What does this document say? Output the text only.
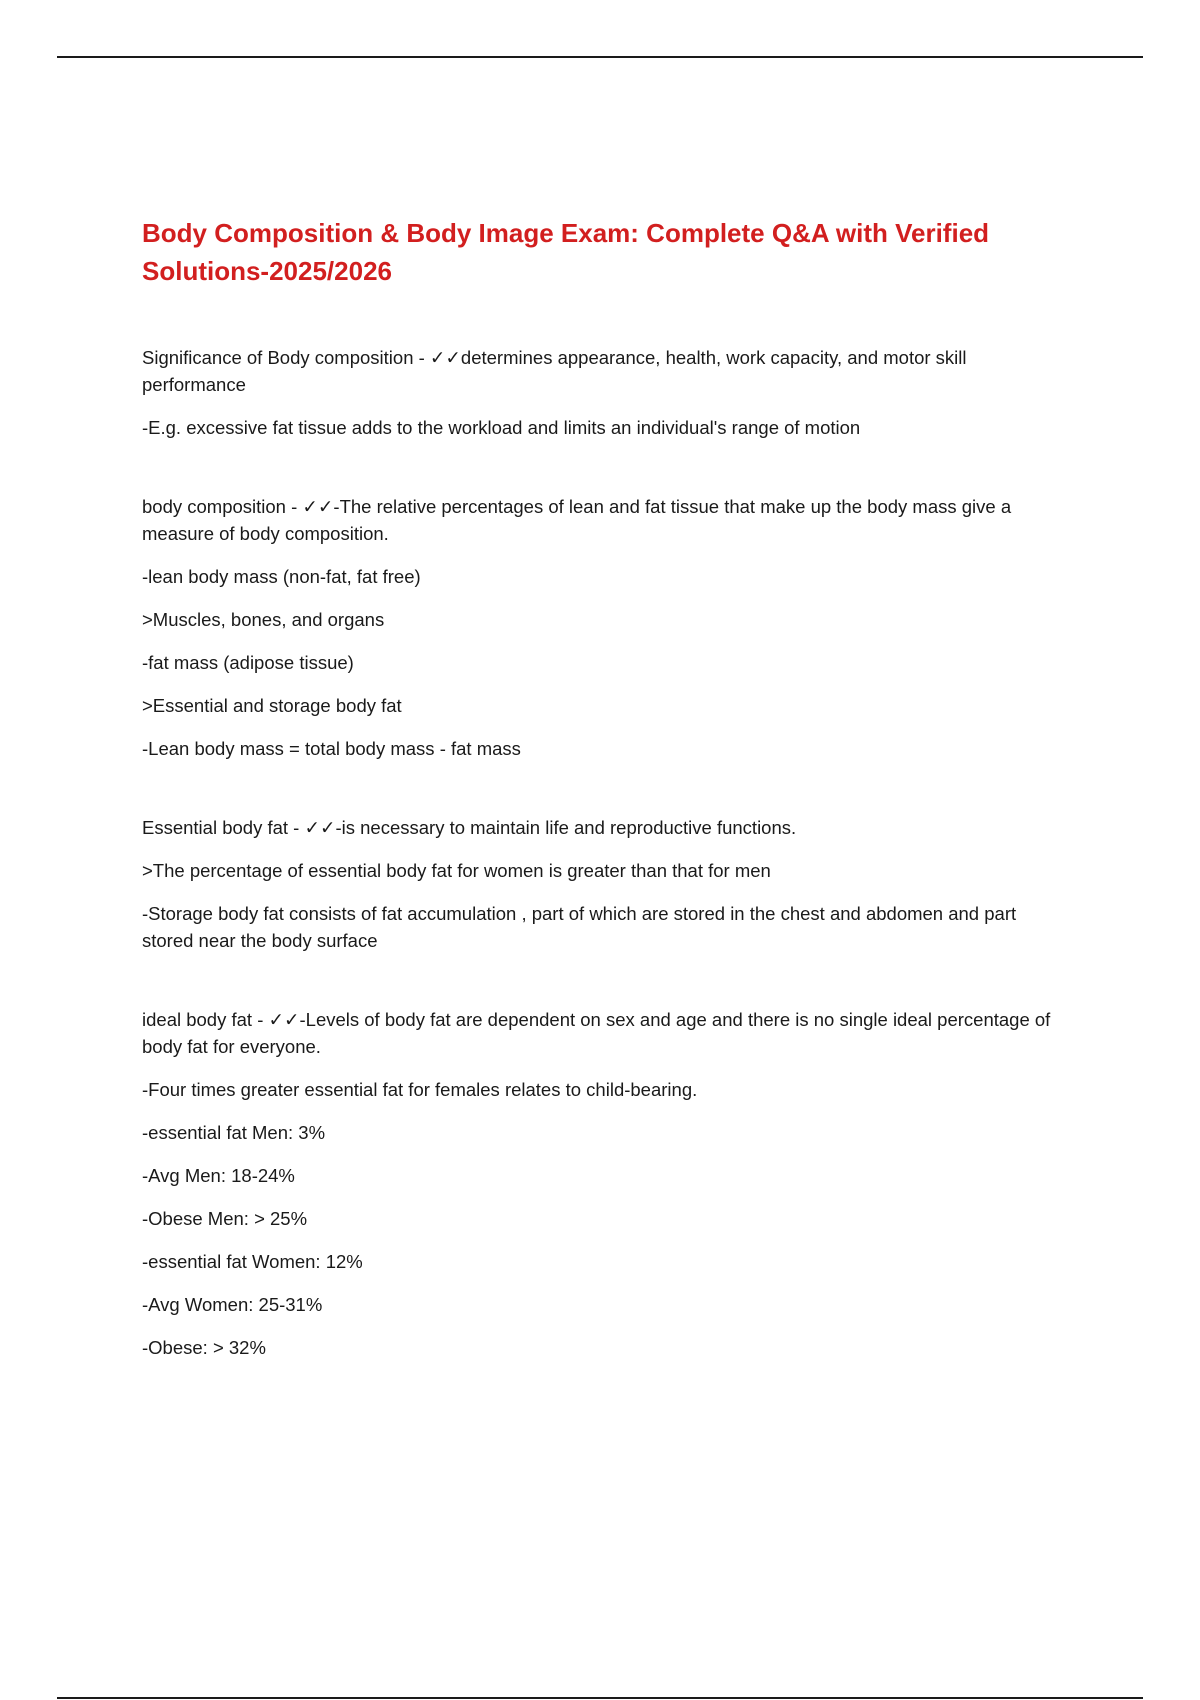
Body Composition & Body Image Exam: Complete Q&A with Verified Solutions-2025/2026

Significance of Body composition - ✓✓determines appearance, health, work capacity, and motor skill performance

-E.g. excessive fat tissue adds to the workload and limits an individual's range of motion

body composition - ✓✓-The relative percentages of lean and fat tissue that make up the body mass give a measure of body composition.

-lean body mass (non-fat, fat free)

>Muscles, bones, and organs

-fat mass (adipose tissue)

>Essential and storage body fat

-Lean body mass = total body mass - fat mass

Essential body fat - ✓✓-is necessary to maintain life and reproductive functions.

>The percentage of essential body fat for women is greater than that for men

-Storage body fat consists of fat accumulation , part of which are stored in the chest and abdomen and part stored near the body surface

ideal body fat - ✓✓-Levels of body fat are dependent on sex and age and there is no single ideal percentage of body fat for everyone.

-Four times greater essential fat for females relates to child-bearing.

-essential fat Men: 3%

-Avg Men: 18-24%

-Obese Men: > 25%

-essential fat Women: 12%

-Avg Women: 25-31%

-Obese: > 32%
